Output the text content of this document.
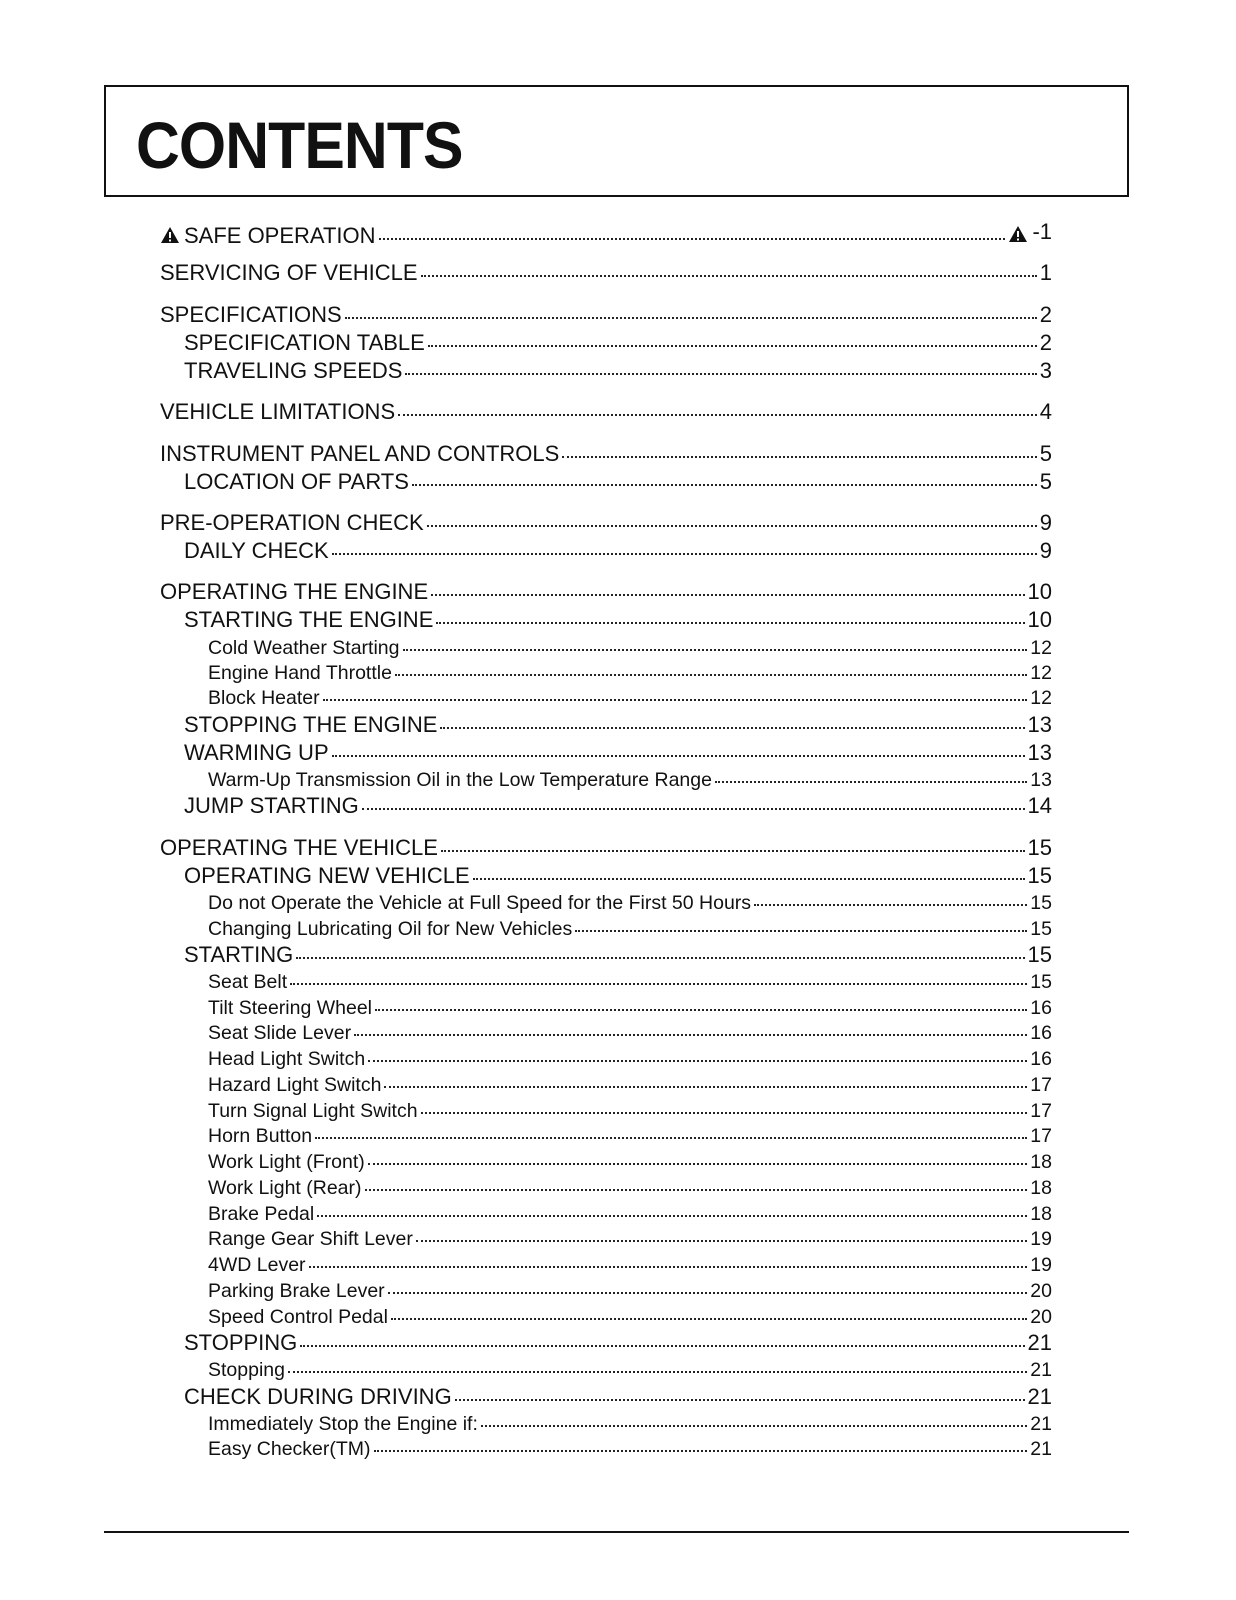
CONTENTS
SAFE OPERATION	-1
SERVICING OF VEHICLE	1
SPECIFICATIONS	2
SPECIFICATION TABLE	2
TRAVELING SPEEDS	3
VEHICLE LIMITATIONS	4
INSTRUMENT PANEL AND CONTROLS	5
LOCATION OF PARTS	5
PRE-OPERATION CHECK	9
DAILY CHECK	9
OPERATING THE ENGINE	10
STARTING THE ENGINE	10
Cold Weather Starting	12
Engine Hand Throttle	12
Block Heater	12
STOPPING THE ENGINE	13
WARMING UP	13
Warm-Up Transmission Oil in the Low Temperature Range	13
JUMP STARTING	14
OPERATING THE VEHICLE	15
OPERATING NEW VEHICLE	15
Do not Operate the Vehicle at Full Speed for the First 50 Hours	15
Changing Lubricating Oil for New Vehicles	15
STARTING	15
Seat Belt	15
Tilt Steering Wheel	16
Seat Slide Lever	16
Head Light Switch	16
Hazard Light Switch	17
Turn Signal Light Switch	17
Horn Button	17
Work Light (Front)	18
Work Light (Rear)	18
Brake Pedal	18
Range Gear Shift Lever	19
4WD Lever	19
Parking Brake Lever	20
Speed Control Pedal	20
STOPPING	21
Stopping	21
CHECK DURING DRIVING	21
Immediately Stop the Engine if:	21
Easy Checker(TM)	21
